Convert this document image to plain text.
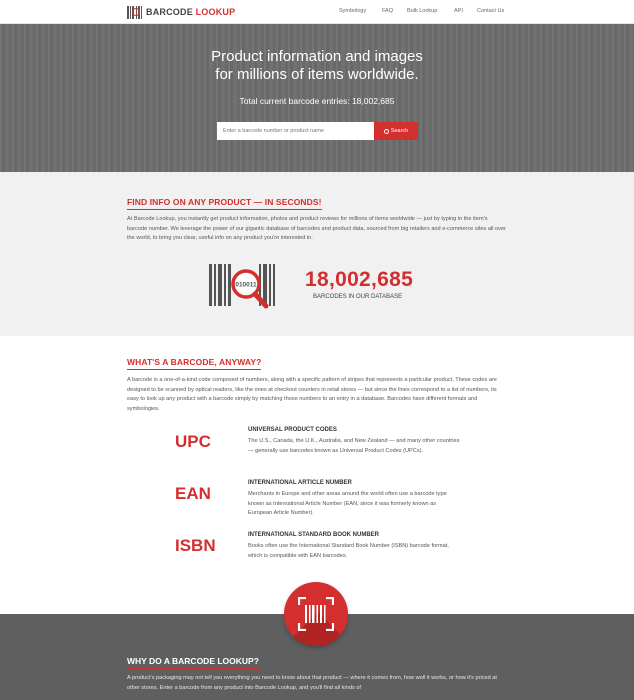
BARCODE LOOKUP	Symbology	FAQ	Bulk Lookup	API	Contact Us
Product information and images
for millions of items worldwide.
Total current barcode entries: 18,002,685
Enter a barcode number or product name
Search
FIND INFO ON ANY PRODUCT — IN SECONDS!
At Barcode Lookup, you instantly get product information, photos and product reviews for millions of items worldwide — just by typing in the item's barcode number. We leverage the power of our gigantic database of barcodes and product data, sourced from big retailers and e-commerce sites all over the world, to bring you clear, useful info on any product you're interested in.
010011 18,002,685
BARCODES IN OUR DATABASE
WHAT'S A BARCODE, ANYWAY?
A barcode is a one-of-a-kind code composed of numbers, along with a specific pattern of stripes that represents a particular product. These codes are designed to be scanned by optical readers, like the ones at checkout counters in retail stores — but since the lines correspond to a list of numbers, its easy to look up any product with a barcode simply by matching those numbers to an entry in a database. Barcodes have different formats and symbologies.
UPC
UNIVERSAL PRODUCT CODES
The U.S., Canada, the U.K., Australia, and New Zealand — and many other countries — generally use barcodes known as Universal Product Codes (UPCs).
EAN
INTERNATIONAL ARTICLE NUMBER
Merchants in Europe and other areas around the world often use a barcode type known as International Article Number (EAN, since it was formerly known as European Article Number).
ISBN
INTERNATIONAL STANDARD BOOK NUMBER
Books often use the International Standard Book Number (ISBN) barcode format, which is compatible with EAN barcodes.
WHY DO A BARCODE LOOKUP?
A product's packaging may not tell you everything you need to know about that product — where it comes from, how well it works, or how it's priced at other stores. Enter a barcode from any product into Barcode Lookup, and you'll find all kinds of
